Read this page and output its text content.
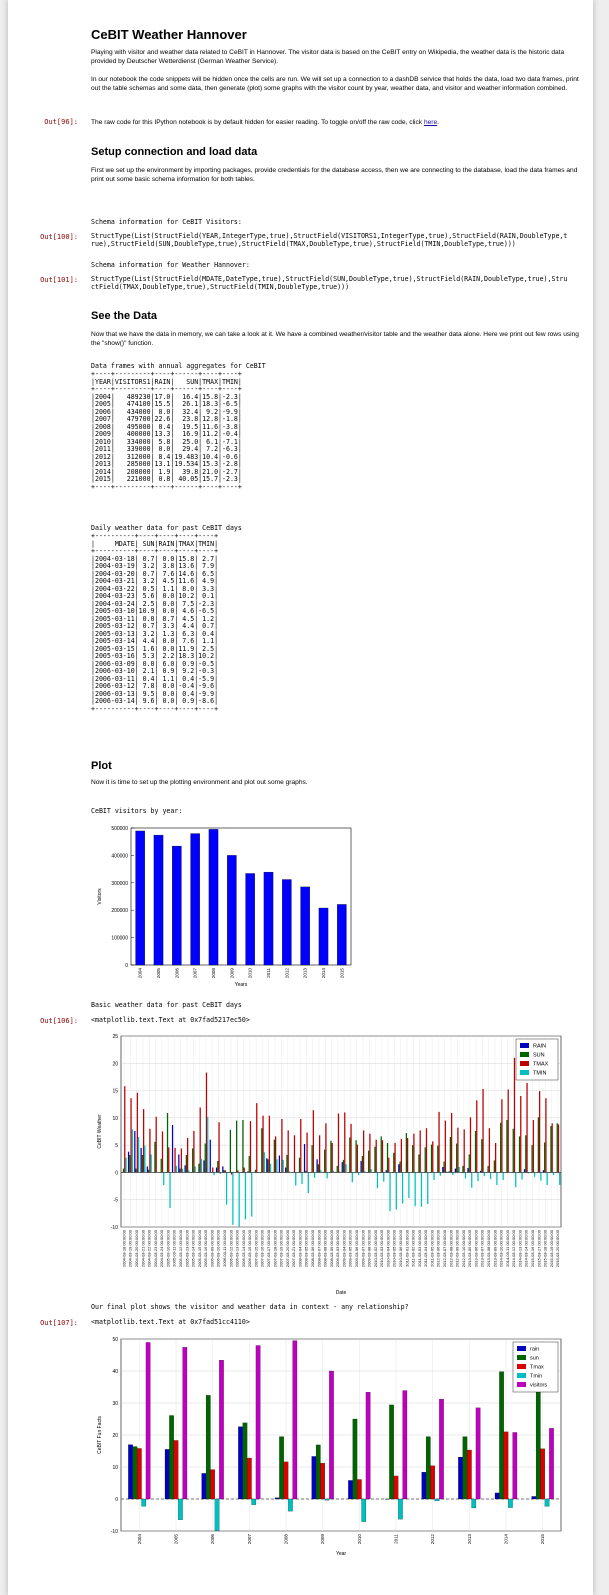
CeBIT Weather Hannover

Playing with visitor and weather data related to CeBIT in Hannover. The visitor data is based on the CeBIT entry on Wikipedia, the weather data is the historic data provided by Deutscher Wetterdienst (German Weather Service).

In our notebook the code snippets will be hidden once the cells are run. We will set up a connection to a dashDB service that holds the data, load two data frames, print out the table schemas and some data, then generate (plot) some graphs with the visitor count by year, weather data, and visitor and weather information combined.

Out[96]: The raw code for this IPython notebook is by default hidden for easier reading. To toggle on/off the raw code, click here.

Setup connection and load data

First we set up the environment by importing packages, provide credentials for the database access, then we are connecting to the database, load the data frames and print out some basic schema information for both tables.

Schema information for CeBIT Visitors:
Out[100]: StructType(List(StructField(YEAR,IntegerType,true),StructField(VISITORS1,IntegerType,true),StructField(RAIN,DoubleType,true),StructField(SUN,DoubleType,true),StructField(TMAX,DoubleType,true),StructField(TMIN,DoubleType,true)))
Schema information for Weather Hannover:
Out[101]: StructType(List(StructField(MDATE,DateType,true),StructField(SUN,DoubleType,true),StructField(RAIN,DoubleType,true),StructField(TMAX,DoubleType,true),StructField(TMIN,DoubleType,true)))
See the Data

Now that we have the data in memory, we can take a look at it. We have a combined weather/visitor table and the weather data alone. Here we print out few rows using the "show()" function.

Data frames with annual aggregates for CeBIT
+----+---------+----+------+----+----+
|YEAR|VISITORS1|RAIN|   SUN|TMAX|TMIN|
+----+---------+----+------+----+----+
|2004|   489230|17.0|  16.4|15.8|-2.3|
|2005|   474100|15.5|  26.1|18.3|-6.5|
|2006|   434000| 8.0|  32.4| 9.2|-9.9|
|2007|   479700|22.6|  23.8|12.8|-1.8|
|2008|   495000| 0.4|  19.5|11.6|-3.8|
|2009|   400000|13.3|  16.9|11.2|-0.4|
|2010|   334000| 5.8|  25.0| 6.1|-7.1|
|2011|   339000| 0.0|  29.4| 7.2|-6.3|
|2012|   312000| 8.4|19.483|10.4|-0.6|
|2013|   285000|13.1|19.534|15.3|-2.8|
|2014|   208000| 1.9|  39.8|21.0|-2.7|
|2015|   221000| 0.8| 40.05|15.7|-2.3|
+----+---------+----+------+----+----+
Daily weather data for past CeBIT days
+----------+----+----+----+----+
|     MDATE| SUN|RAIN|TMAX|TMIN|
+----------+----+----+----+----+
|2004-03-18| 0.7| 0.0|15.8| 2.7|
|2004-03-19| 3.2| 3.8|13.6| 7.9|
|2004-03-20| 0.7| 7.6|14.6| 6.5|
|2004-03-21| 3.2| 4.5|11.6| 4.9|
|2004-03-22| 0.5| 1.1| 8.0| 3.3|
|2004-03-23| 5.6| 0.0|10.2| 0.1|
|2004-03-24| 2.5| 0.0| 7.5|-2.3|
|2005-03-10|10.9| 0.0| 4.6|-6.5|
|2005-03-11| 0.0| 8.7| 4.5| 1.2|
|2005-03-12| 0.7| 3.3| 4.4| 0.7|
|2005-03-13| 3.2| 1.3| 6.3| 0.4|
|2005-03-14| 4.4| 0.0| 7.6| 1.1|
|2005-03-15| 1.6| 0.0|11.9| 2.5|
|2005-03-16| 5.3| 2.2|18.3|10.2|
|2006-03-09| 0.0| 6.0| 0.9|-0.5|
|2006-03-10| 2.1| 0.9| 9.2|-0.3|
|2006-03-11| 0.4| 1.1| 0.4|-5.9|
|2006-03-12| 7.8| 0.0|-0.4|-9.6|
|2006-03-13| 9.5| 0.0| 0.4|-9.9|
|2006-03-14| 9.6| 0.0| 0.9|-8.6|
+----------+----+----+----+----+
Plot

Now it is time to set up the plotting environment and plot out some graphs.

CeBIT visitors by year:
0
100000
200000
300000
400000
500000
2004	2005	2006	2007	2008	2009	2010	2011	2012	2013	2014	2015
Years
Visitors
Basic weather data for past CeBIT days
Out[106]: <matplotlib.text.Text at 0x7fad5217ec50>
-10
-5
0
5
10
15
20
25
2004-03-18 00:00:00 2004-03-19 00:00:00 2004-03-20 00:00:00 2004-03-21 00:00:00 2004-03-22 00:00:00 2004-03-23 00:00:00 2004-03-24 00:00:00 2005-03-10 00:00:00 2005-03-11 00:00:00 2005-03-12 00:00:00 2005-03-13 00:00:00 2005-03-14 00:00:00 2005-03-15 00:00:00 2005-03-16 00:00:00 2006-03-09 00:00:00 2006-03-10 00:00:00 2006-03-11 00:00:00 2006-03-12 00:00:00 2006-03-13 00:00:00 2006-03-14 00:00:00 2006-03-15 00:00:00 2007-03-15 00:00:00 2007-03-16 00:00:00 2007-03-17 00:00:00 2007-03-18 00:00:00 2007-03-19 00:00:00 2007-03-20 00:00:00 2007-03-21 00:00:00 2008-03-04 00:00:00 2008-03-05 00:00:00 2008-03-06 00:00:00 2008-03-07 00:00:00 2008-03-08 00:00:00 2008-03-09 00:00:00 2009-03-03 00:00:00 2009-03-04 00:00:00 2009-03-05 00:00:00 2009-03-06 00:00:00 2009-03-07 00:00:00 2009-03-08 00:00:00 2010-03-02 00:00:00 2010-03-03 00:00:00 2010-03-04 00:00:00 2010-03-05 00:00:00 2010-03-06 00:00:00 2011-03-01 00:00:00 2011-03-02 00:00:00 2011-03-03 00:00:00 2011-03-04 00:00:00 2011-03-05 00:00:00 2012-03-06 00:00:00 2012-03-07 00:00:00 2012-03-08 00:00:00 2012-03-09 00:00:00 2012-03-10 00:00:00 2013-03-05 00:00:00 2013-03-06 00:00:00 2013-03-07 00:00:00 2013-03-08 00:00:00 2013-03-09 00:00:00 2014-03-10 00:00:00 2014-03-11 00:00:00 2014-03-12 00:00:00 2014-03-13 00:00:00 2014-03-14 00:00:00 2015-03-16 00:00:00 2015-03-17 00:00:00 2015-03-18 00:00:00 2015-03-19 00:00:00 2015-03-20 00:00:00
CeBIT Weather
Date
RAIN
SUN
TMAX
TMIN
Our final plot shows the visitor and weather data in context - any relationship?
Out[107]: <matplotlib.text.Text at 0x7fad51cc4110>
-10
0
10
20
30
40
50
2004	2005	2006	2007	2008	2009	2010	2011	2012	2013	2014	2015
Year
CeBIT Fun Facts
rain
sun
Tmax
Tmin
visitors
